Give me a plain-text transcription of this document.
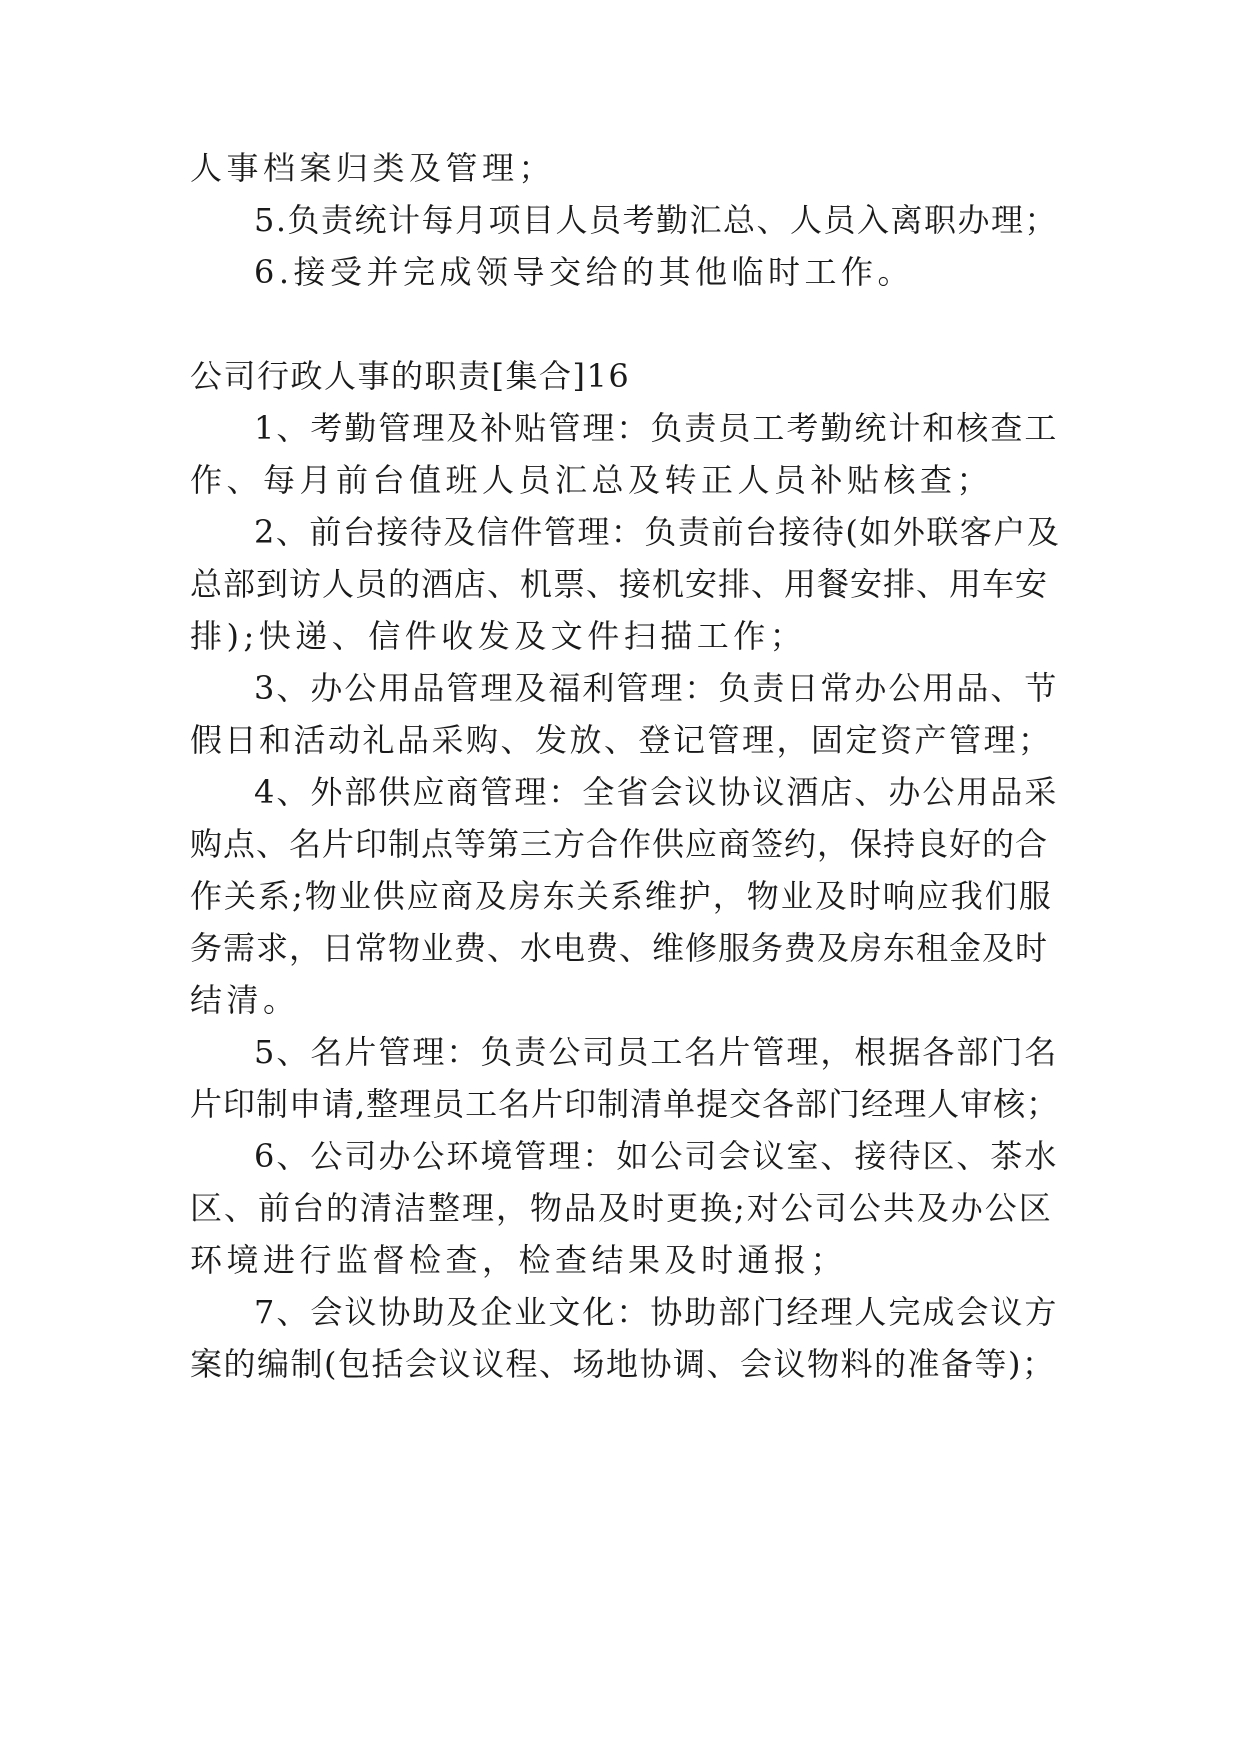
人事档案归类及管理；
5.负责统计每月项目人员考勤汇总、人员入离职办理；
6.接受并完成领导交给的其他临时工作。
公司行政人事的职责[集合]16
1、考勤管理及补贴管理：负责员工考勤统计和核查工
作、每月前台值班人员汇总及转正人员补贴核查；
2、前台接待及信件管理：负责前台接待(如外联客户及
总部到访人员的酒店、机票、接机安排、用餐安排、用车安
排);快递、信件收发及文件扫描工作；
3、办公用品管理及福利管理：负责日常办公用品、节
假日和活动礼品采购、发放、登记管理，固定资产管理；
4、外部供应商管理：全省会议协议酒店、办公用品采
购点、名片印制点等第三方合作供应商签约，保持良好的合
作关系;物业供应商及房东关系维护，物业及时响应我们服
务需求，日常物业费、水电费、维修服务费及房东租金及时
结清。
5、名片管理：负责公司员工名片管理，根据各部门名
片印制申请,整理员工名片印制清单提交各部门经理人审核；
6、公司办公环境管理：如公司会议室、接待区、茶水
区、前台的清洁整理，物品及时更换;对公司公共及办公区
环境进行监督检查，检查结果及时通报；
7、会议协助及企业文化：协助部门经理人完成会议方
案的编制(包括会议议程、场地协调、会议物料的准备等)；
